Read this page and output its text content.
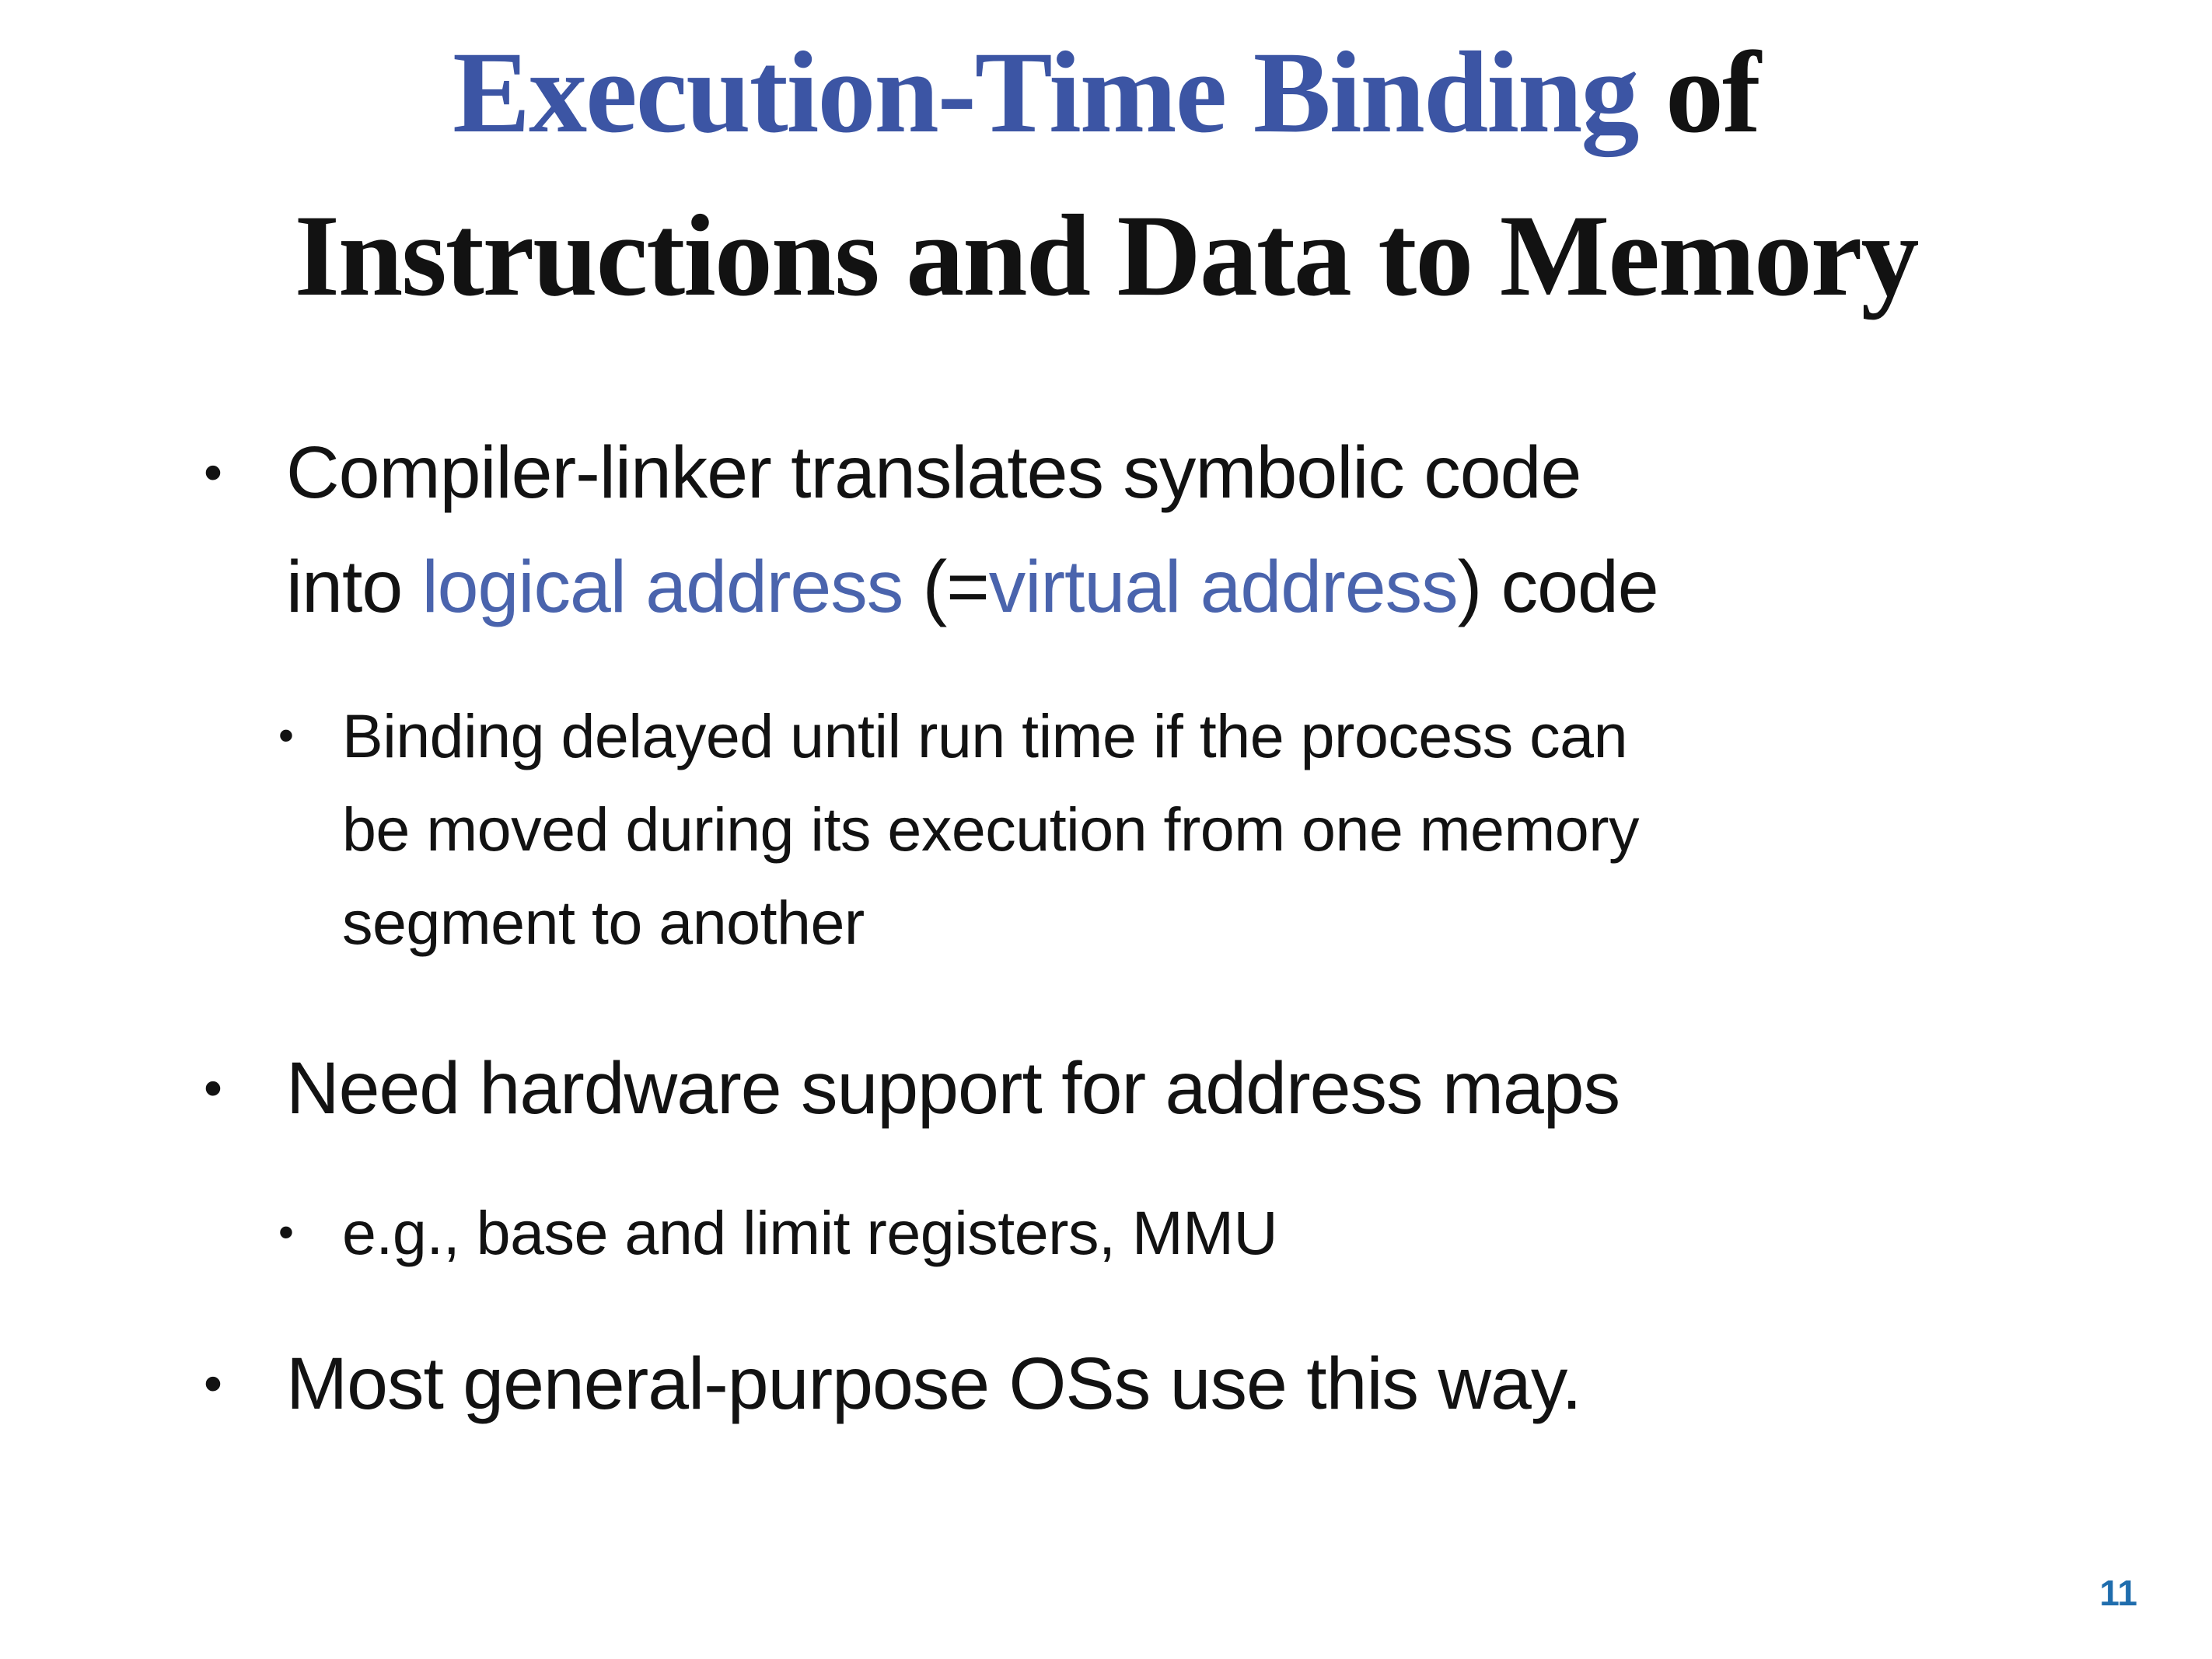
Execution-Time Binding of
Instructions and Data to Memory
• Compiler-linker translates symbolic code
into logical address (=virtual address) code
• Binding delayed until run time if the process can
be moved during its execution from one memory
segment to another
• Need hardware support for address maps
• e.g., base and limit registers, MMU
• Most general-purpose OSs use this way.
11
